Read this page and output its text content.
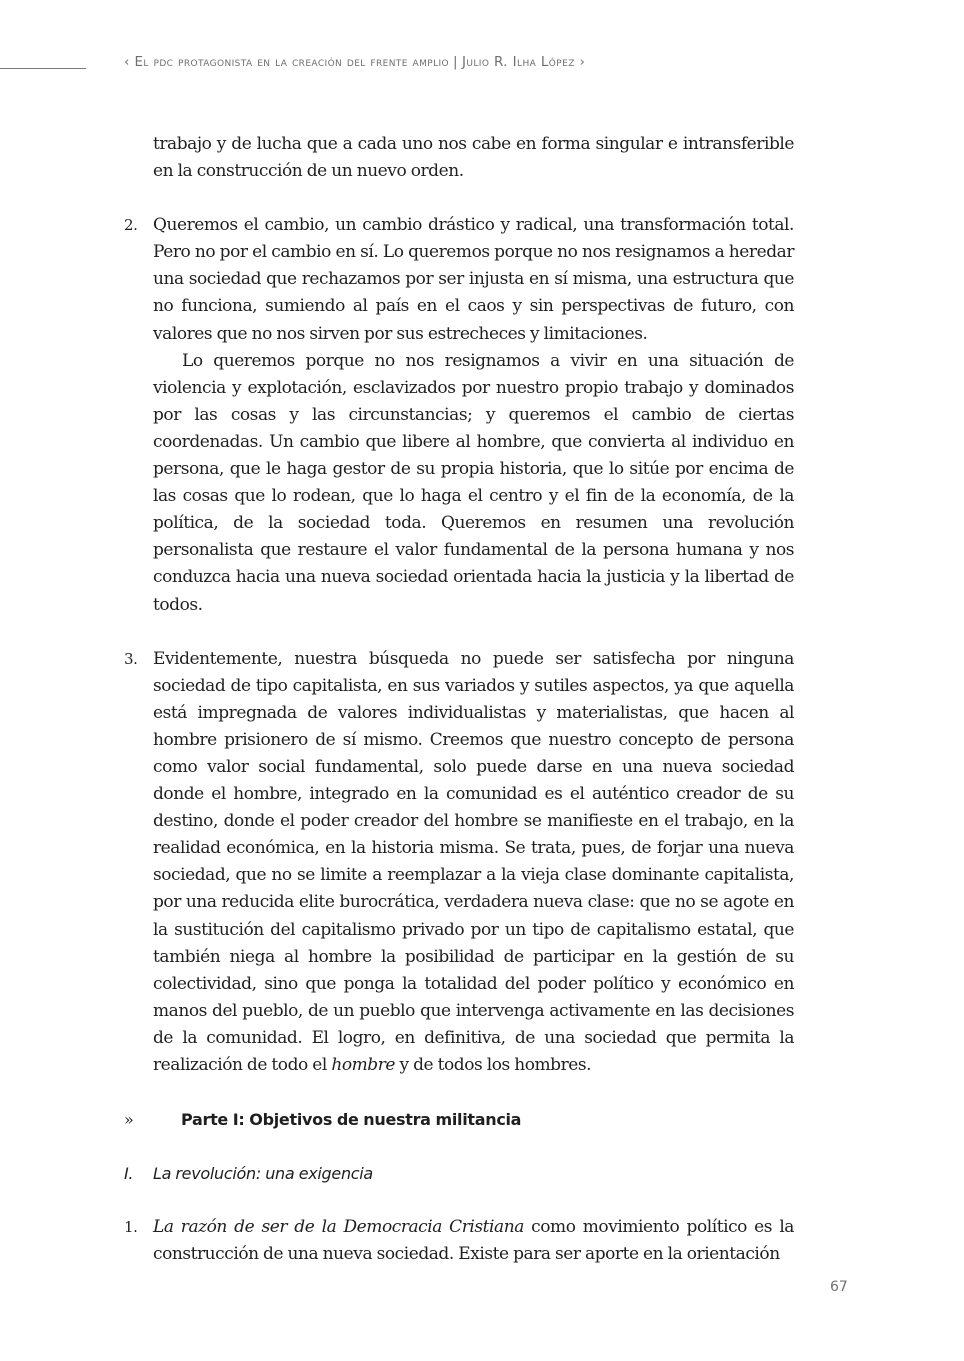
‹ El pdc protagonista en la creación del frente amplio | Julio R. Ilha López ›

trabajo y de lucha que a cada uno nos cabe en forma singular e intransferible en la construcción de un nuevo orden.

2. Queremos el cambio, un cambio drástico y radical, una transformación total. Pero no por el cambio en sí. Lo queremos porque no nos resignamos a heredar una sociedad que rechazamos por ser injusta en sí misma, una estructura que no funciona, sumiendo al país en el caos y sin perspectivas de futuro, con valores que no nos sirven por sus estrecheces y limitaciones.

Lo queremos porque no nos resignamos a vivir en una situación de violencia y explotación, esclavizados por nuestro propio trabajo y dominados por las cosas y las circunstancias; y queremos el cambio de ciertas coordenadas. Un cambio que libere al hombre, que convierta al individuo en persona, que le haga gestor de su propia historia, que lo sitúe por encima de las cosas que lo rodean, que lo haga el centro y el fin de la economía, de la política, de la sociedad toda. Queremos en resumen una revolución personalista que restaure el valor fundamental de la persona humana y nos conduzca hacia una nueva sociedad orientada hacia la justicia y la libertad de todos.

3. Evidentemente, nuestra búsqueda no puede ser satisfecha por ninguna sociedad de tipo capitalista, en sus variados y sutiles aspectos, ya que aquella está impregnada de valores individualistas y materialistas, que hacen al hombre prisionero de sí mismo. Creemos que nuestro concepto de persona como valor social fundamental, solo puede darse en una nueva sociedad donde el hombre, integrado en la comunidad es el auténtico creador de su destino, donde el poder creador del hombre se manifieste en el trabajo, en la realidad económica, en la historia misma. Se trata, pues, de forjar una nueva sociedad, que no se limite a reemplazar a la vieja clase dominante capitalista, por una reducida elite burocrática, verdadera nueva clase: que no se agote en la sustitución del capitalismo privado por un tipo de capitalismo estatal, que también niega al hombre la posibilidad de participar en la gestión de su colectividad, sino que ponga la totalidad del poder político y económico en manos del pueblo, de un pueblo que intervenga activamente en las decisiones de la comunidad. El logro, en definitiva, de una sociedad que permita la realización de todo el hombre y de todos los hombres.

»	Parte I: Objetivos de nuestra militancia
I. La revolución: una exigencia
1. La razón de ser de la Democracia Cristiana como movimiento político es la construcción de una nueva sociedad. Existe para ser aporte en la orientación

67
